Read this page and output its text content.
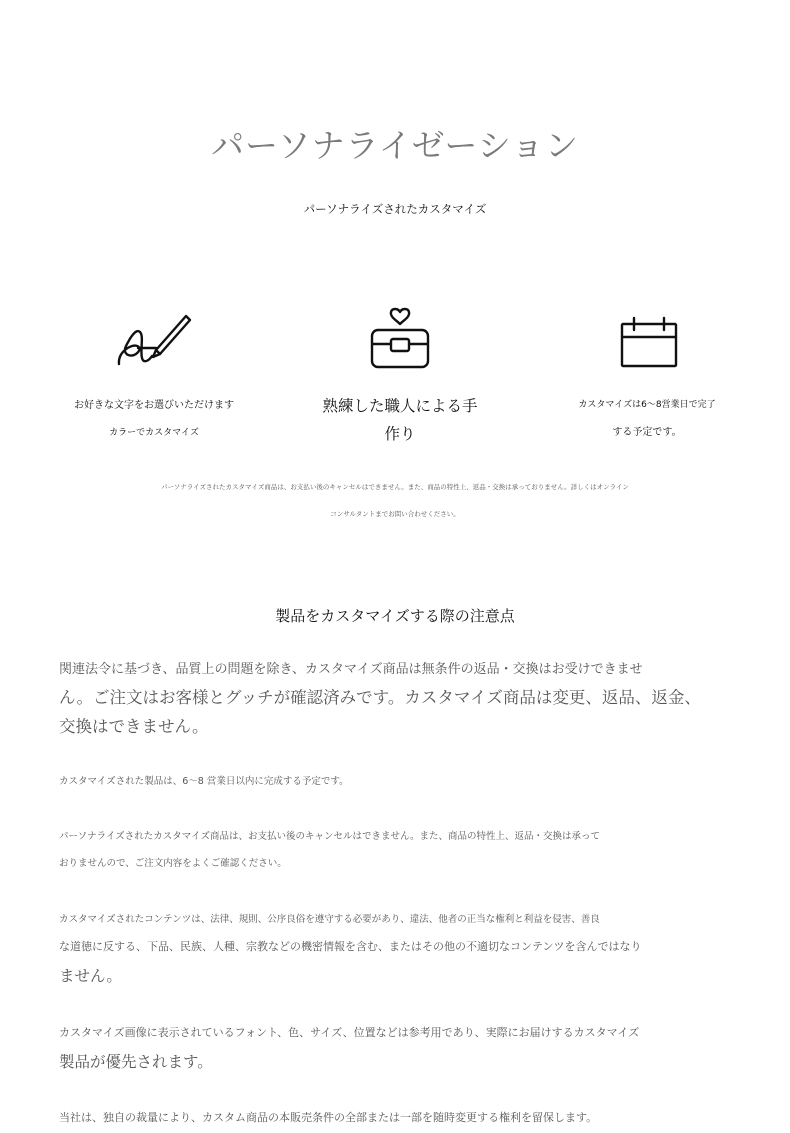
パーソナライゼーション
パーソナライズされたカスタマイズ
お好きな文字をお選びいただけます
カラーでカスタマイズ
熟練した職人による手
作り
カスタマイズは6～8営業日で完了
する予定です。
パーソナライズされたカスタマイズ商品は、お支払い後のキャンセルはできません。また、商品の特性上、返品・交換は承っておりません。詳しくはオンライン
コンサルタントまでお問い合わせください。
製品をカスタマイズする際の注意点
関連法令に基づき、品質上の問題を除き、カスタマイズ商品は無条件の返品・交換はお受けできませ
ん。ご注文はお客様とグッチが確認済みです。カスタマイズ商品は変更、返品、返金、
交換はできません。
カスタマイズされた製品は、6～8 営業日以内に完成する予定です。
パーソナライズされたカスタマイズ商品は、お支払い後のキャンセルはできません。また、商品の特性上、返品・交換は承って
おりませんので、ご注文内容をよくご確認ください。
カスタマイズされたコンテンツは、法律、規則、公序良俗を遵守する必要があり、違法、他者の正当な権利と利益を侵害、善良
な道徳に反する、下品、民族、人種、宗教などの機密情報を含む、またはその他の不適切なコンテンツを含んではなり
ません。
カスタマイズ画像に表示されているフォント、色、サイズ、位置などは参考用であり、実際にお届けするカスタマイズ
製品が優先されます。
当社は、独自の裁量により、カスタム商品の本販売条件の全部または一部を随時変更する権利を留保します。
